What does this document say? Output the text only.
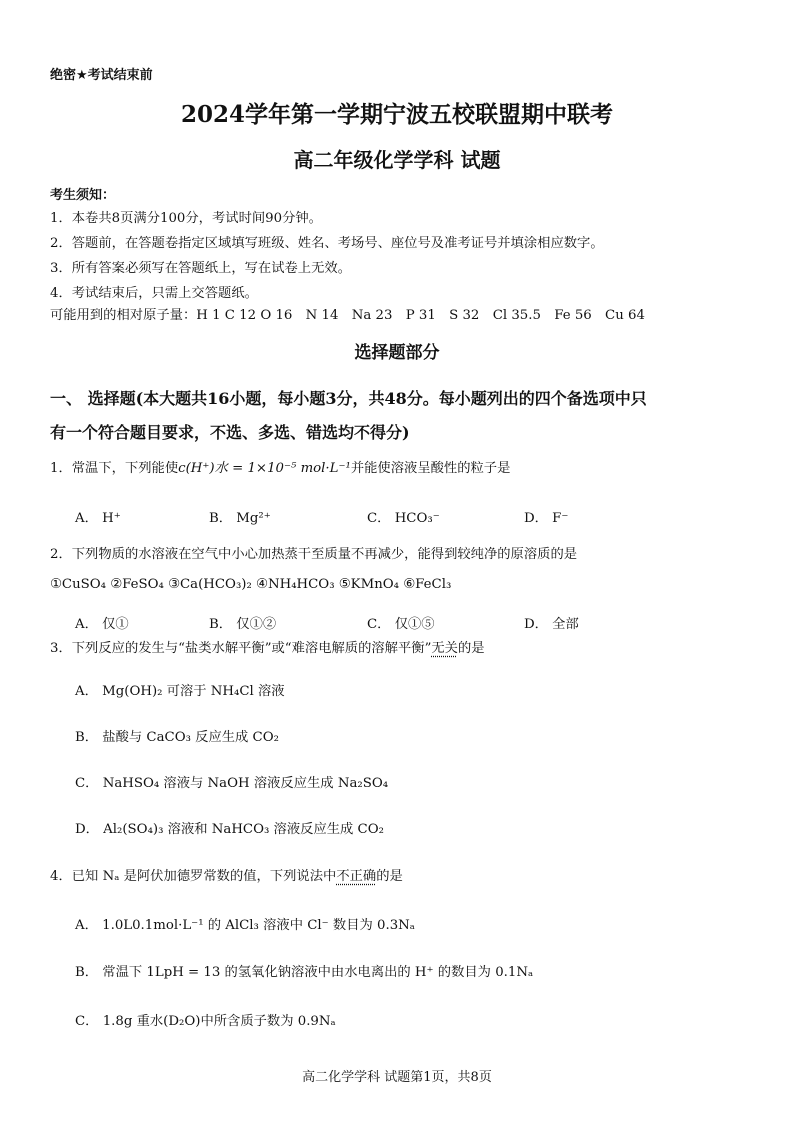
绝密★考试结束前
2024学年第一学期宁波五校联盟期中联考
高二年级化学学科 试题
考生须知：
1．本卷共8页满分100分，考试时间90分钟。
2．答题前，在答题卷指定区域填写班级、姓名、考场号、座位号及准考证号并填涂相应数字。
3．所有答案必须写在答题纸上，写在试卷上无效。
4．考试结束后，只需上交答题纸。
可能用到的相对原子量：H 1 C 12 O 16　N 14　Na 23　P 31　S 32　Cl 35.5　Fe 56　Cu 64
选择题部分
一、 选择题(本大题共16小题，每小题3分，共48分。每小题列出的四个备选项中只
有一个符合题目要求，不选、多选、错选均不得分)
1．常温下，下列能使c(H⁺)水 = 1×10⁻⁵ mol·L⁻¹并能使溶液呈酸性的粒子是
A． H⁺	B． Mg²⁺	C． HCO₃⁻	D． F⁻
2．下列物质的水溶液在空气中小心加热蒸干至质量不再减少，能得到较纯净的原溶质的是
①CuSO₄ ②FeSO₄ ③Ca(HCO₃)₂ ④NH₄HCO₃ ⑤KMnO₄ ⑥FeCl₃
A． 仅①	B． 仅①②	C． 仅①⑤	D． 全部
3．下列反应的发生与“盐类水解平衡”或“难溶电解质的溶解平衡”无关的是
A． Mg(OH)₂ 可溶于 NH₄Cl 溶液
B． 盐酸与 CaCO₃ 反应生成 CO₂
C． NaHSO₄ 溶液与 NaOH 溶液反应生成 Na₂SO₄
D． Al₂(SO₄)₃ 溶液和 NaHCO₃ 溶液反应生成 CO₂
4．已知 Nₐ 是阿伏加德罗常数的值，下列说法中不正确的是
A． 1.0L0.1mol·L⁻¹ 的 AlCl₃ 溶液中 Cl⁻ 数目为 0.3Nₐ
B． 常温下 1LpH = 13 的氢氧化钠溶液中由水电离出的 H⁺ 的数目为 0.1Nₐ
C． 1.8g 重水(D₂O)中所含质子数为 0.9Nₐ
高二化学学科 试题第1页，共8页
